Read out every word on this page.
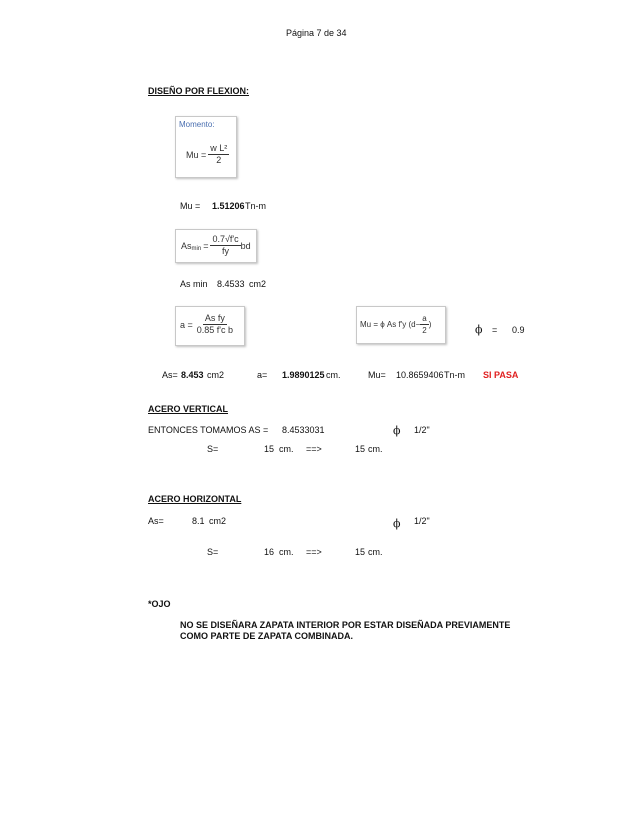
Página 7 de 34
DISEÑO POR FLEXION:
Momento:
$Mu = \frac{\text{w L²}}{2}$
Mu = 1.51206 Tn-m
As $\min = \frac{0.7√f'c}{fy}$ bd
As min 8.4533 cm2
$a = \frac{\text{As fy}}{\text{0.85 f'c b}}$	Mu = ϕ As f'y ($d- \frac{a}{2}$ )	ϕ = 0.9
As= 8.453 cm2	a= 1.9890125 cm.	Mu= 10.8659406 Tn-m SI PASA
ACERO VERTICAL
ENTONCES TOMAMOS AS = 8.4533031	ϕ 1/2"
S=	15 cm. ==>	15 cm.
ACERO HORIZONTAL
As=	8.1 cm2	ϕ 1/2"
S=	16 cm. ==>	15 cm.
*OJO
NO SE DISEÑARA ZAPATA INTERIOR POR ESTAR DISEÑADA PREVIAMENTE
COMO PARTE DE ZAPATA COMBINADA.
